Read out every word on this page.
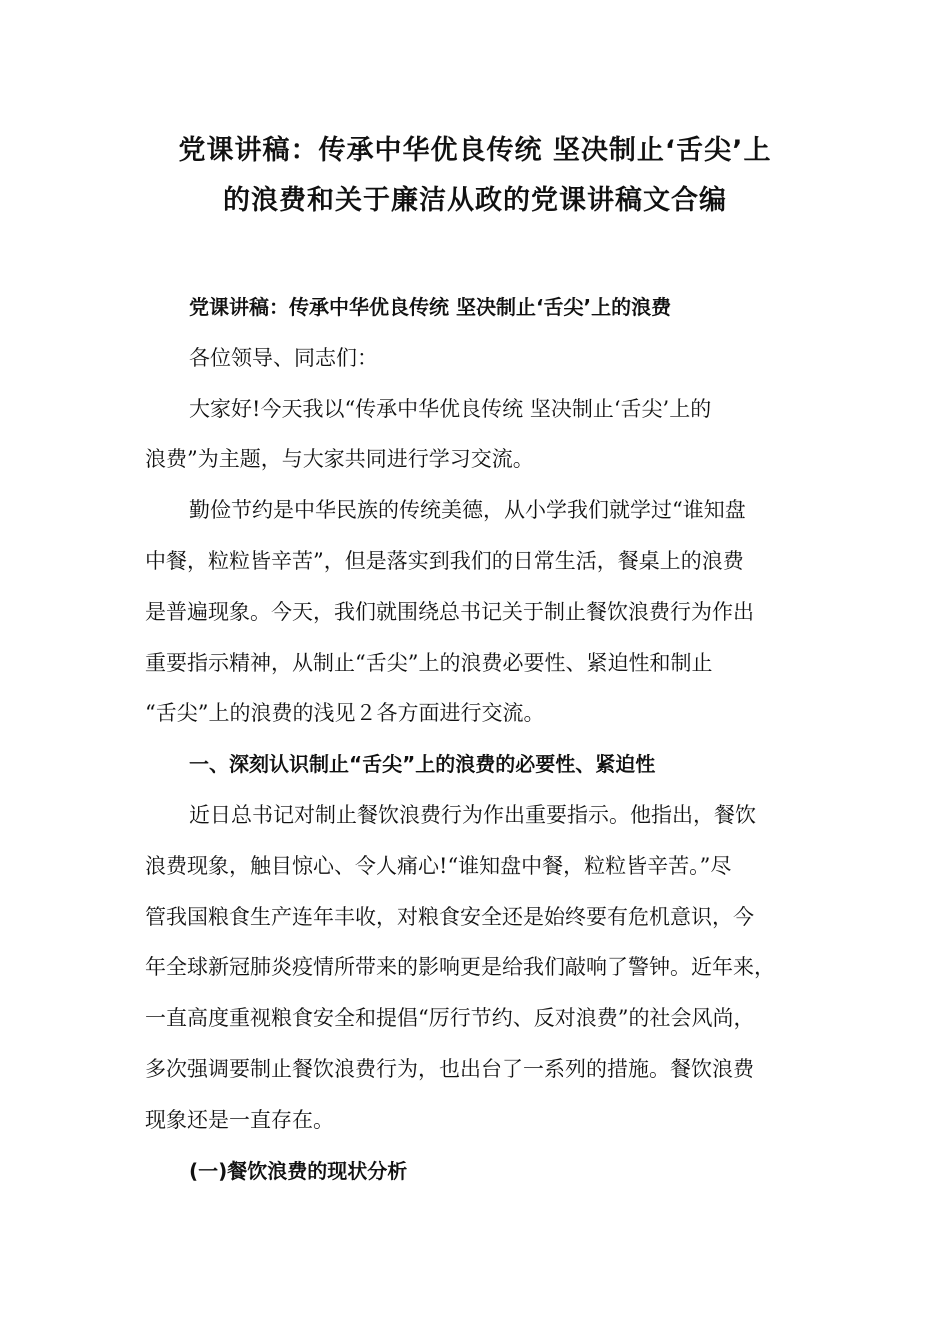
党课讲稿：传承中华优良传统 坚决制止‘舌尖’上
的浪费和关于廉洁从政的党课讲稿文合编

党课讲稿：传承中华优良传统 坚决制止‘舌尖’上的浪费

各位领导、同志们：

大家好!今天我以“传承中华优良传统 坚决制止‘舌尖’上的

浪费”为主题，与大家共同进行学习交流。

勤俭节约是中华民族的传统美德，从小学我们就学过“谁知盘

中餐，粒粒皆辛苦”，但是落实到我们的日常生活，餐桌上的浪费

是普遍现象。今天，我们就围绕总书记关于制止餐饮浪费行为作出

重要指示精神，从制止“舌尖”上的浪费必要性、紧迫性和制止

“舌尖”上的浪费的浅见２各方面进行交流。

一、深刻认识制止“舌尖”上的浪费的必要性、紧迫性

近日总书记对制止餐饮浪费行为作出重要指示。他指出，餐饮

浪费现象，触目惊心、令人痛心!“谁知盘中餐，粒粒皆辛苦。”尽

管我国粮食生产连年丰收，对粮食安全还是始终要有危机意识，今

年全球新冠肺炎疫情所带来的影响更是给我们敲响了警钟。近年来，

一直高度重视粮食安全和提倡“厉行节约、反对浪费”的社会风尚，

多次强调要制止餐饮浪费行为，也出台了一系列的措施。餐饮浪费

现象还是一直存在。

(一)餐饮浪费的现状分析
